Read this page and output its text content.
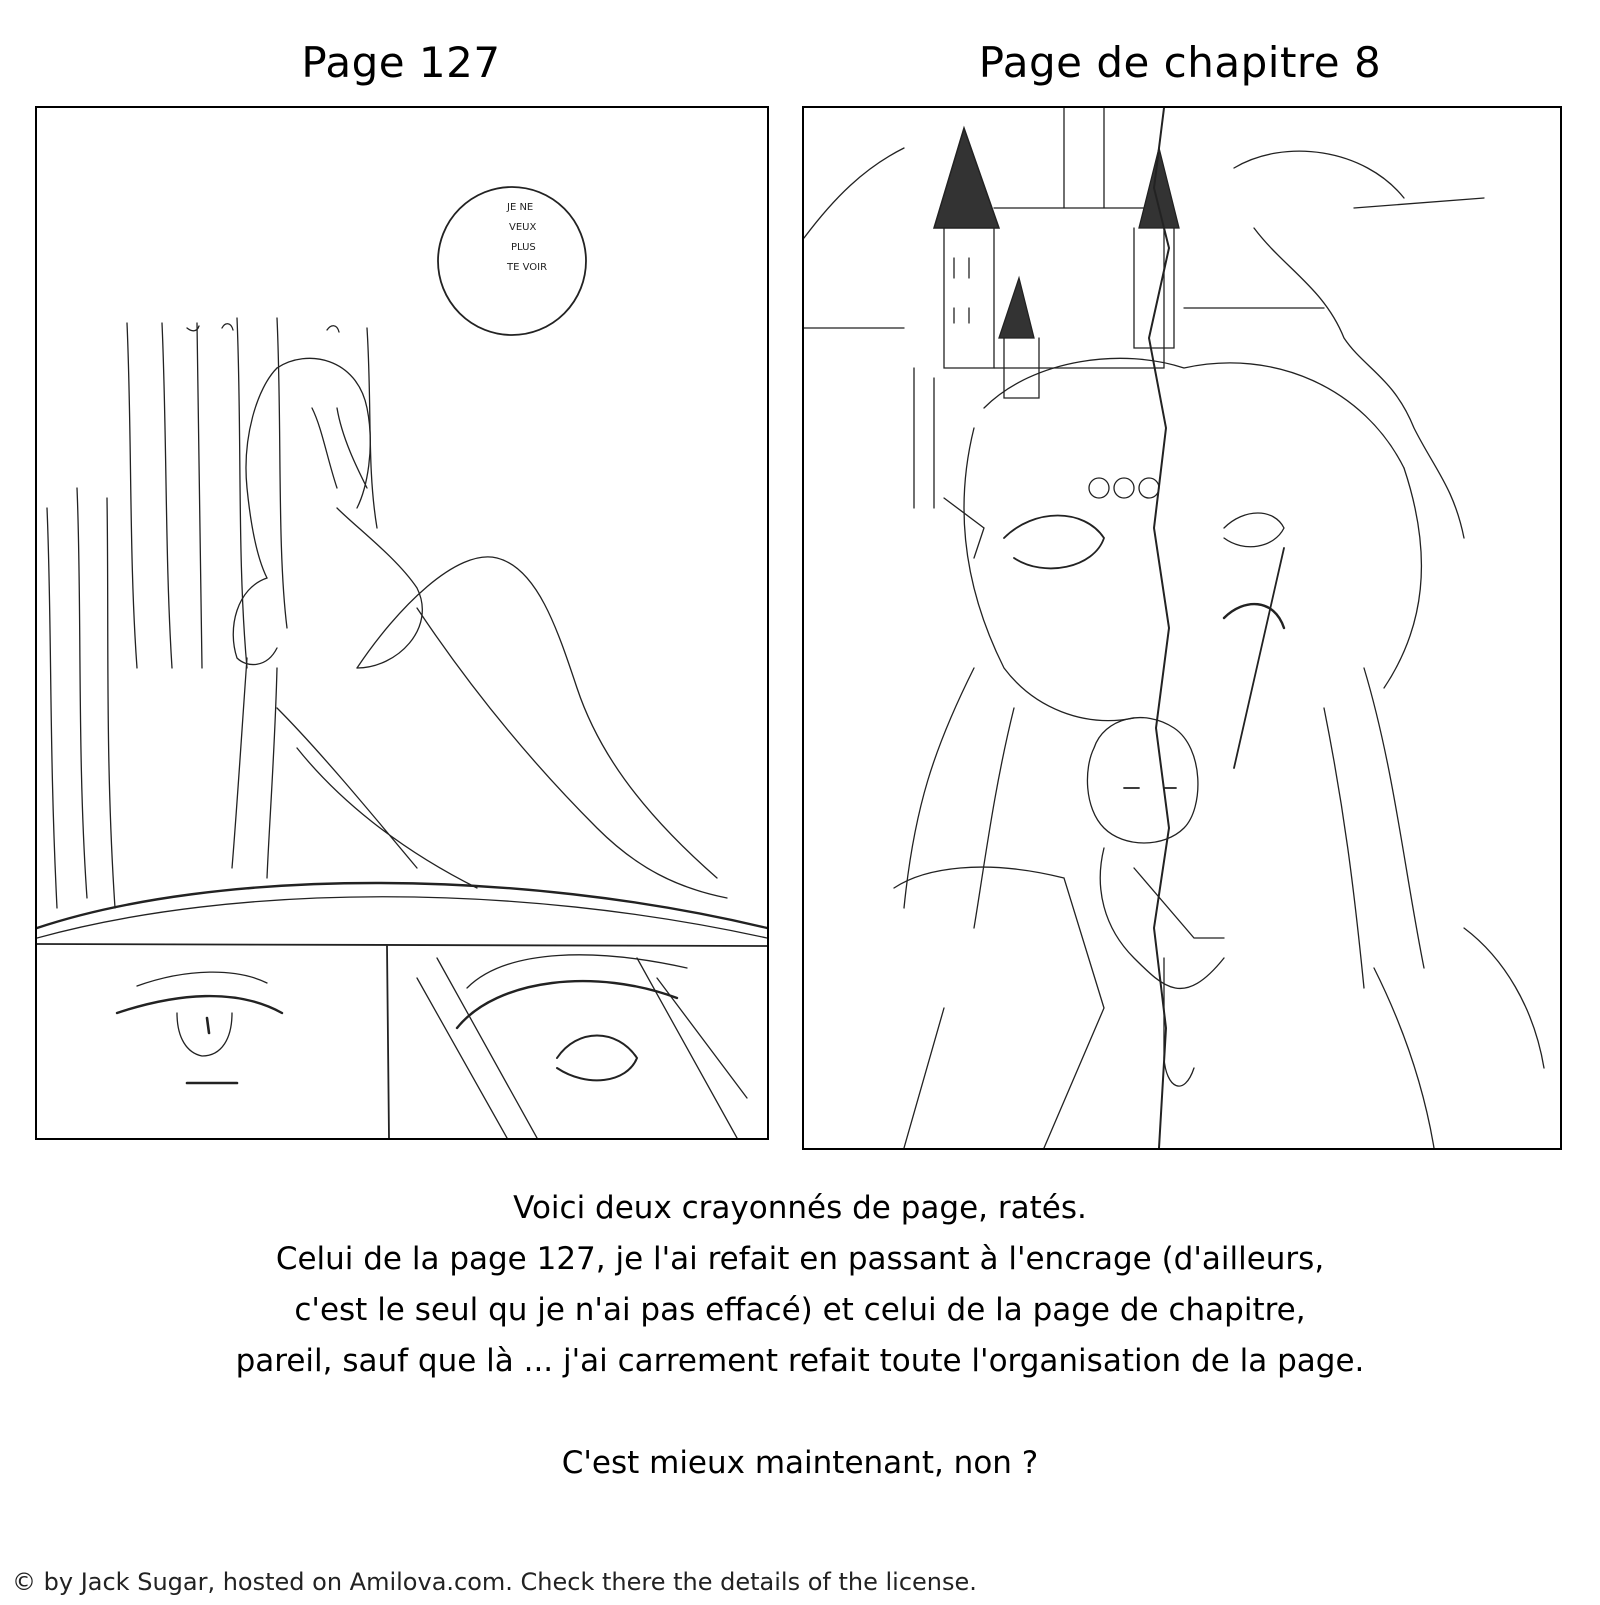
Page 127	Page de chapitre 8
JE NE
VEUX
PLUS
TE VOIR
Voici deux crayonnés de page, ratés.
Celui de la page 127, je l'ai refait en passant à l'encrage (d'ailleurs,
c'est le seul qu je n'ai pas effacé) et celui de la page de chapitre,
pareil, sauf que là ... j'ai carrement refait toute l'organisation de la page.
C'est mieux maintenant, non ?
© by Jack Sugar, hosted on Amilova.com. Check there the details of the license.
